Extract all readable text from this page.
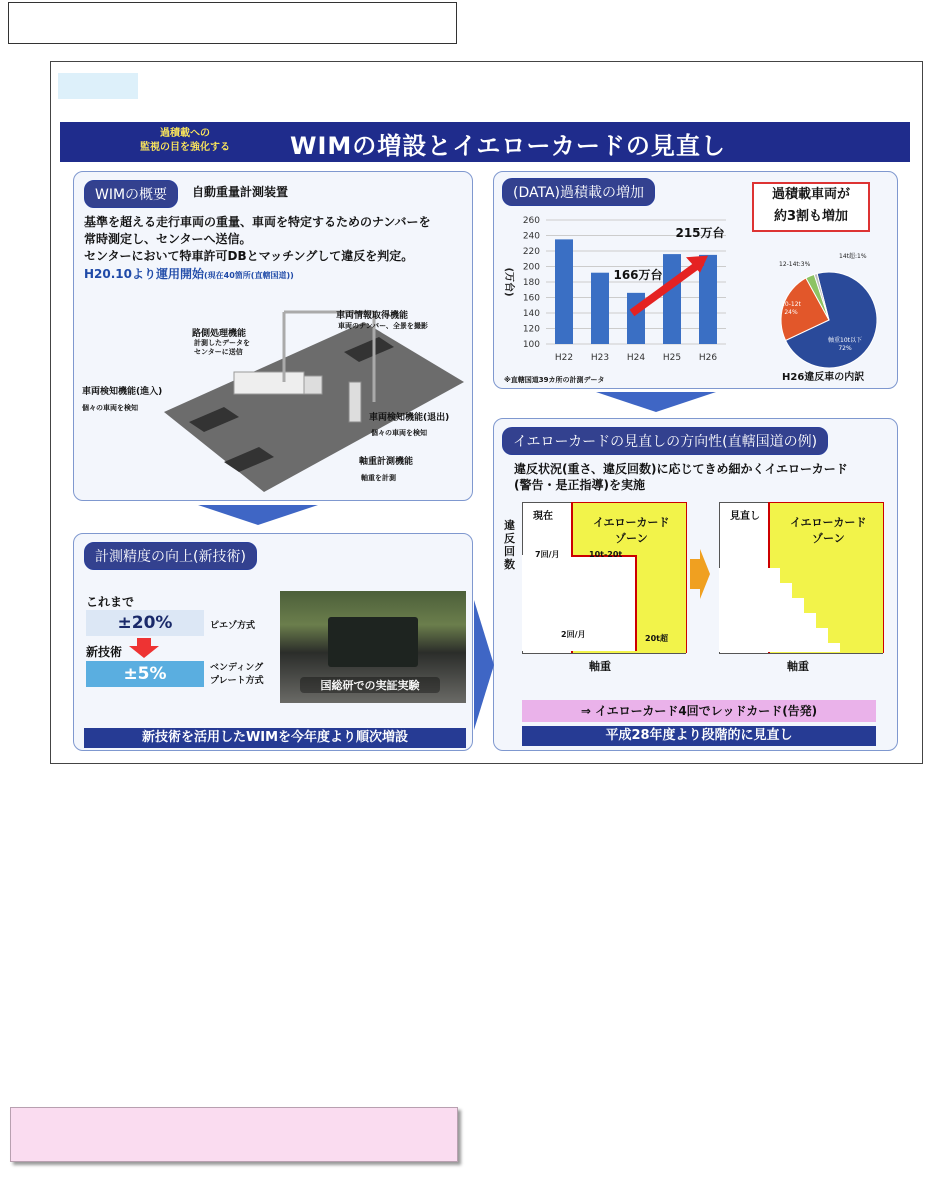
過積載への
監視の目を強化する	WIMの増設とイエローカードの見直し
WIMの概要	自動重量計測装置
基準を超える走行車両の重量、車両を特定するためのナンバーを
常時測定し、センターへ送信。
センターにおいて特車許可DBとマッチングして違反を判定。
H20.10より運用開始(現在40箇所(直轄国道))
路側処理機能
計測したデータを
センターに送信
車両情報取得機能
車両のナンバー、全景を撮影
車両検知機能(進入)
個々の車両を検知
車両検知機能(退出)
個々の車両を検知
軸重計測機能
軸重を計測
(DATA)過積載の増加	過積載車両が
約3割も増加
(万台)
100
120
140
160
180
200
220
240
260
H22 H23 H24 H25 H26
166万台
215万台
軸重10t以下
72%
10-12t
24%
12-14t:3%
14t超:1%
※直轄国道39カ所の計測データ	H26違反車の内訳
イエローカードの見直しの方向性(直轄国道の例)
違反状況(重さ、違反回数)に応じてきめ細かくイエローカード
(警告・是正指導)を実施
違反回数
現在	イエローカード
ゾーン
7回/月	10t-20t
2回/月	20t超
軸重
見直し	イエローカード
ゾーン
軸重
⇒ イエローカード4回でレッドカード(告発)
平成28年度より段階的に見直し
計測精度の向上(新技術)
これまで
±20%	ピエゾ方式
新技術
±5%	ベンディング
プレート方式	国総研での実証実験
新技術を活用したWIMを今年度より順次増設
